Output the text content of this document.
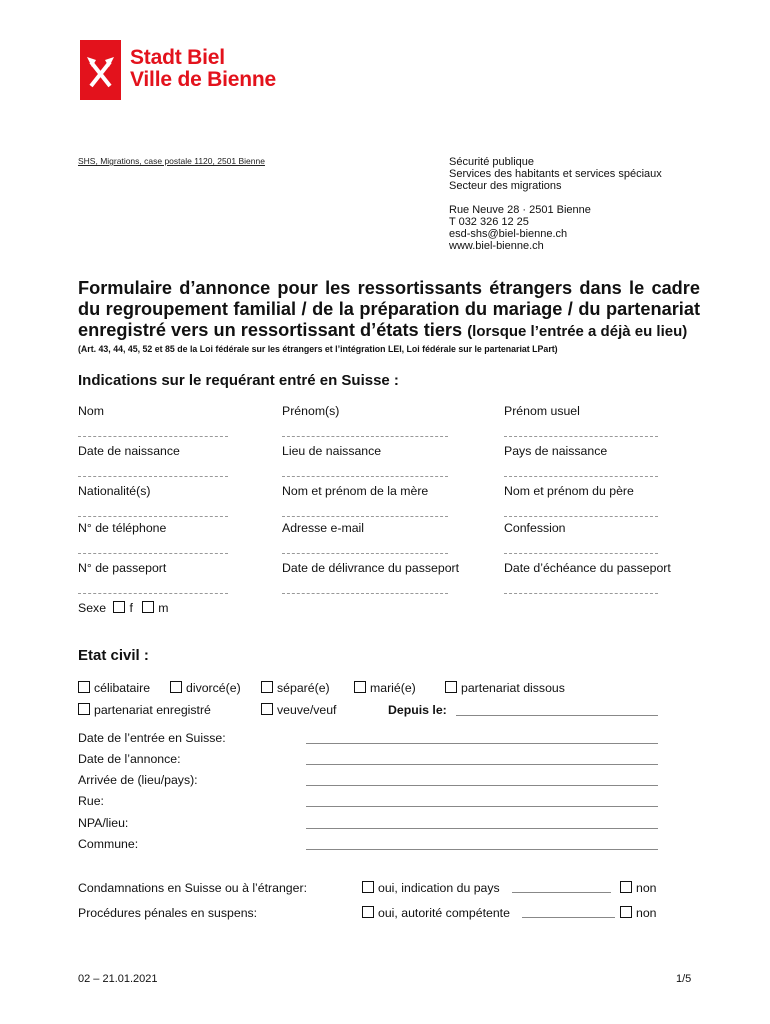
Stadt Biel
Ville de Bienne
SHS, Migrations, case postale 1120, 2501 Bienne	Sécurité publique
Services des habitants et services spéciaux
Secteur des migrations
Rue Neuve 28 · 2501 Bienne
T 032 326 12 25
esd-shs@biel-bienne.ch
www.biel-bienne.ch
Formulaire d’annonce pour les ressortissants étrangers dans le cadre du regroupement familial / de la préparation du mariage / du partenariat enregistré vers un ressortissant d’états tiers (lorsque l’entrée a déjà eu lieu)
(Art. 43, 44, 45, 52 et 85 de la Loi fédérale sur les étrangers et l’intégration LEI, Loi fédérale sur le partenariat LPart)
Indications sur le requérant entré en Suisse :
Nom	Prénom(s)	Prénom usuel
Date de naissance	Lieu de naissance	Pays de naissance
Nationalité(s)	Nom et prénom de la mère	Nom et prénom du père
N° de téléphone	Adresse e-mail	Confession
N° de passeport	Date de délivrance du passeport	Date d’échéance du passeport
Sexe f m
Etat civil :
célibataire	divorcé(e)	séparé(e)	marié(e)	partenariat dissous
partenariat enregistré	veuve/veuf	Depuis le:
Date de l’entrée en Suisse:
Date de l’annonce:
Arrivée de (lieu/pays):
Rue:
NPA/lieu:
Commune:
Condamnations en Suisse ou à l’étranger:	oui, indication du pays	non
Procédures pénales en suspens:	oui, autorité compétente	non
02 – 21.01.2021	1/5
